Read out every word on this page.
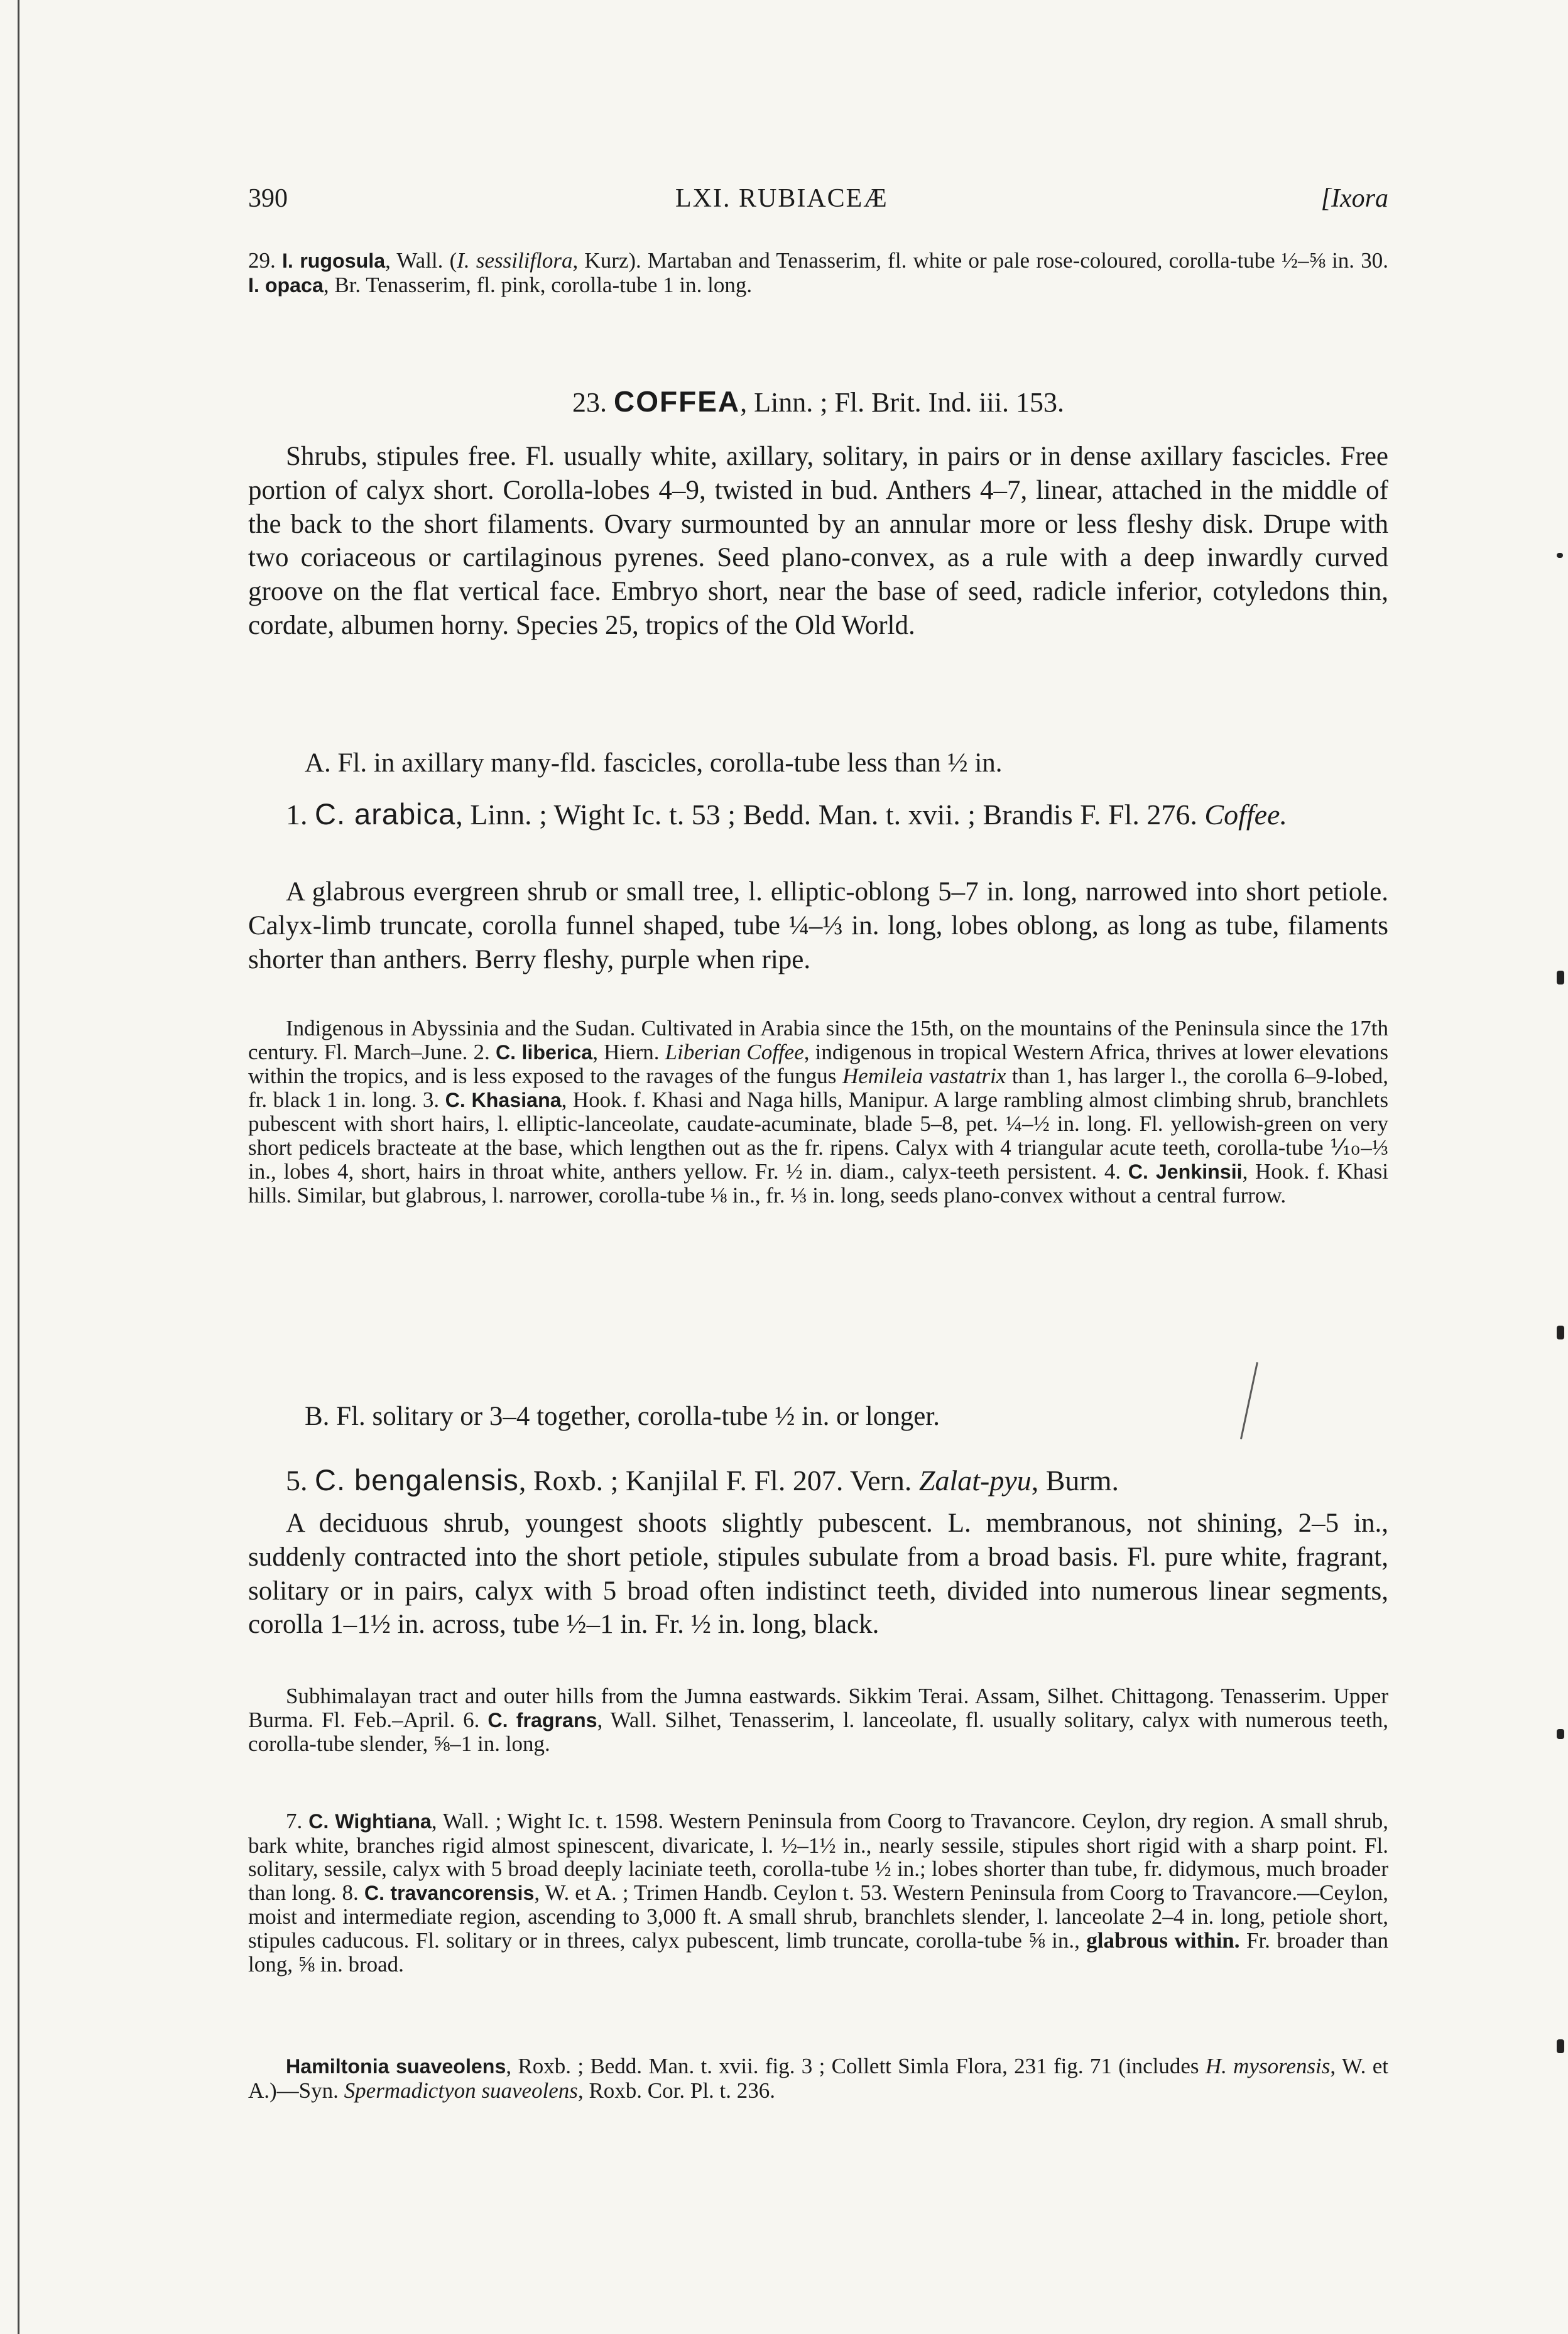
390	LXI. RUBIACEÆ	[Ixora
29. I. rugosula, Wall. (I. sessiliflora, Kurz). Martaban and Tenasserim, fl. white or pale rose-coloured, corolla-tube ½–⅝ in. 30. I. opaca, Br. Tenasserim, fl. pink, corolla-tube 1 in. long.
23. COFFEA, Linn. ; Fl. Brit. Ind. iii. 153.
Shrubs, stipules free. Fl. usually white, axillary, solitary, in pairs or in dense axillary fascicles. Free portion of calyx short. Corolla-lobes 4–9, twisted in bud. Anthers 4–7, linear, attached in the middle of the back to the short filaments. Ovary surmounted by an annular more or less fleshy disk. Drupe with two coriaceous or cartilaginous pyrenes. Seed plano-convex, as a rule with a deep inwardly curved groove on the flat vertical face. Embryo short, near the base of seed, radicle inferior, cotyledons thin, cordate, albumen horny. Species 25, tropics of the Old World.
A. Fl. in axillary many-fld. fascicles, corolla-tube less than ½ in.
1. C. arabica, Linn. ; Wight Ic. t. 53 ; Bedd. Man. t. xvii. ; Brandis F. Fl. 276. Coffee.
A glabrous evergreen shrub or small tree, l. elliptic-oblong 5–7 in. long, narrowed into short petiole. Calyx-limb truncate, corolla funnel shaped, tube ¼–⅓ in. long, lobes oblong, as long as tube, filaments shorter than anthers. Berry fleshy, purple when ripe.
Indigenous in Abyssinia and the Sudan. Cultivated in Arabia since the 15th, on the mountains of the Peninsula since the 17th century. Fl. March–June. 2. C. liberica, Hiern. Liberian Coffee, indigenous in tropical Western Africa, thrives at lower elevations within the tropics, and is less exposed to the ravages of the fungus Hemileia vastatrix than 1, has larger l., the corolla 6–9-lobed, fr. black 1 in. long. 3. C. Khasiana, Hook. f. Khasi and Naga hills, Manipur. A large rambling almost climbing shrub, branchlets pubescent with short hairs, l. elliptic-lanceolate, caudate-acuminate, blade 5–8, pet. ¼–½ in. long. Fl. yellowish-green on very short pedicels bracteate at the base, which lengthen out as the fr. ripens. Calyx with 4 triangular acute teeth, corolla-tube ⅒–⅓ in., lobes 4, short, hairs in throat white, anthers yellow. Fr. ½ in. diam., calyx-teeth persistent. 4. C. Jenkinsii, Hook. f. Khasi hills. Similar, but glabrous, l. narrower, corolla-tube ⅛ in., fr. ⅓ in. long, seeds plano-convex without a central furrow.
B. Fl. solitary or 3–4 together, corolla-tube ½ in. or longer.
5. C. bengalensis, Roxb. ; Kanjilal F. Fl. 207. Vern. Zalat-pyu, Burm.
A deciduous shrub, youngest shoots slightly pubescent. L. membranous, not shining, 2–5 in., suddenly contracted into the short petiole, stipules subulate from a broad basis. Fl. pure white, fragrant, solitary or in pairs, calyx with 5 broad often indistinct teeth, divided into numerous linear segments, corolla 1–1½ in. across, tube ½–1 in. Fr. ½ in. long, black.
Subhimalayan tract and outer hills from the Jumna eastwards. Sikkim Terai. Assam, Silhet. Chittagong. Tenasserim. Upper Burma. Fl. Feb.–April. 6. C. fragrans, Wall. Silhet, Tenasserim, l. lanceolate, fl. usually solitary, calyx with numerous teeth, corolla-tube slender, ⅝–1 in. long.
7. C. Wightiana, Wall. ; Wight Ic. t. 1598. Western Peninsula from Coorg to Travancore. Ceylon, dry region. A small shrub, bark white, branches rigid almost spinescent, divaricate, l. ½–1½ in., nearly sessile, stipules short rigid with a sharp point. Fl. solitary, sessile, calyx with 5 broad deeply laciniate teeth, corolla-tube ½ in.; lobes shorter than tube, fr. didymous, much broader than long. 8. C. travancorensis, W. et A. ; Trimen Handb. Ceylon t. 53. Western Peninsula from Coorg to Travancore.—Ceylon, moist and intermediate region, ascending to 3,000 ft. A small shrub, branchlets slender, l. lanceolate 2–4 in. long, petiole short, stipules caducous. Fl. solitary or in threes, calyx pubescent, limb truncate, corolla-tube ⅝ in., glabrous within. Fr. broader than long, ⅝ in. broad.
Hamiltonia suaveolens, Roxb. ; Bedd. Man. t. xvii. fig. 3 ; Collett Simla Flora, 231 fig. 71 (includes H. mysorensis, W. et A.)—Syn. Spermadictyon suaveolens, Roxb. Cor. Pl. t. 236.
